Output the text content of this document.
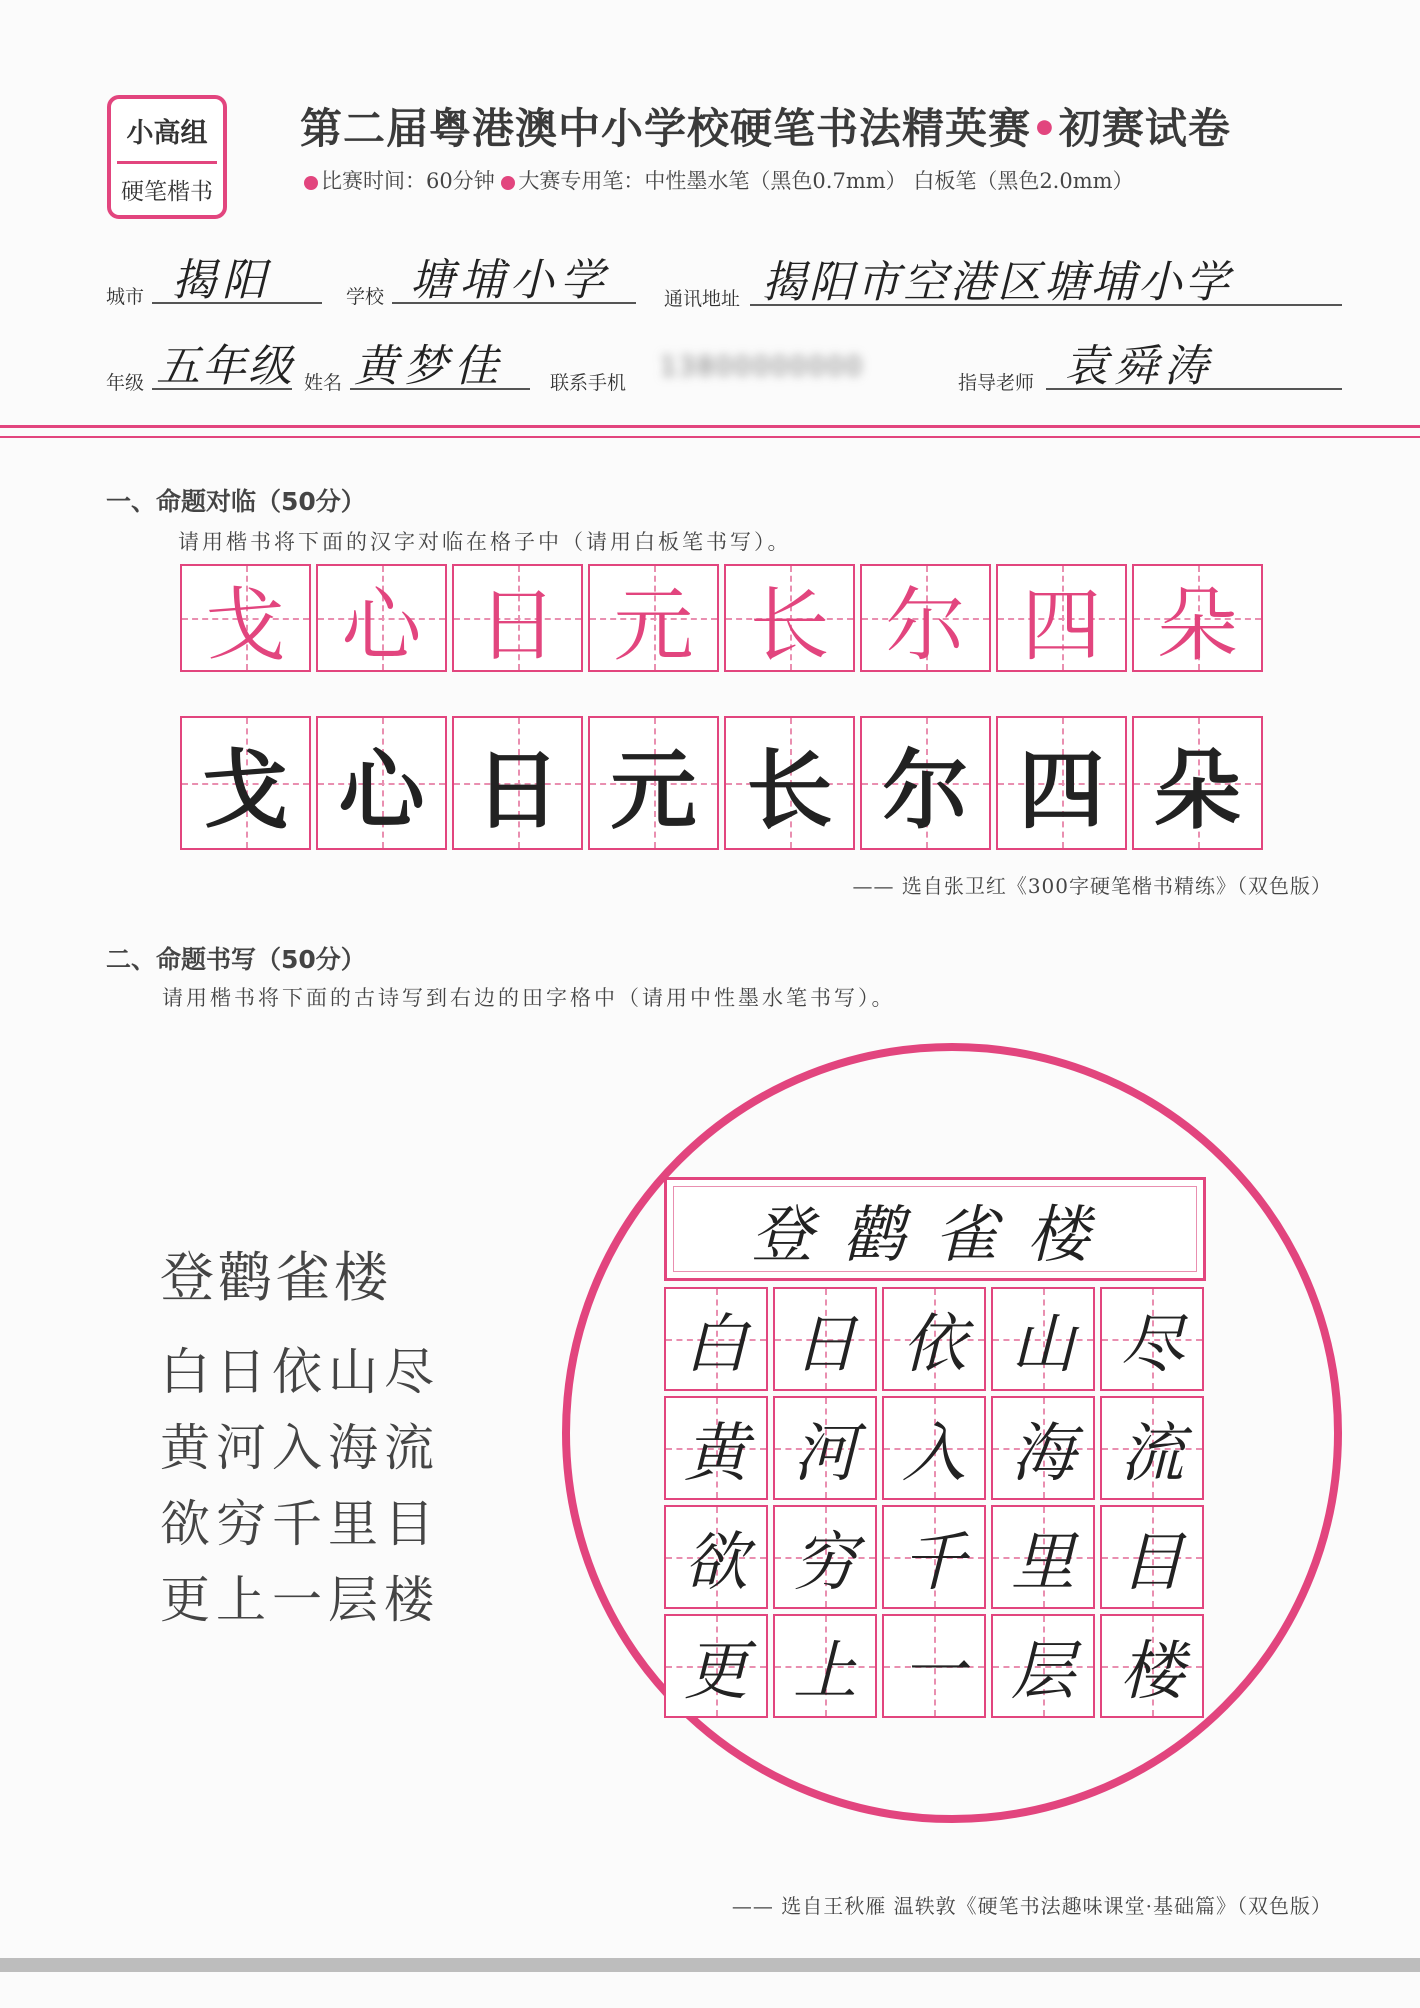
小高组
硬笔楷书
第二届粤港澳中小学校硬笔书法精英赛•初赛试卷
比赛时间：60分钟 大赛专用笔：中性墨水笔（黑色0.7mm） 白板笔（黑色2.0mm）
城市 揭阳	学校 塘埔小学	通讯地址 揭阳市空港区塘埔小学
年级 五年级 姓名 黄梦佳 联系手机
13800000000
指导老师 袁舜涛
一、命题对临（50分）
请用楷书将下面的汉字对临在格子中（请用白板笔书写）。
戈 心 日 元 长 尔 四 朵
戈 心 日 元 长 尔 四 朵
—— 选自张卫红《300字硬笔楷书精练》（双色版）
二、命题书写（50分）
请用楷书将下面的古诗写到右边的田字格中（请用中性墨水笔书写）。
登鹳雀楼
白日依山尽
黄河入海流
欲穷千里目
更上一层楼
登鹳雀楼
白 日 依 山 尽
黄 河 入 海 流
欲 穷 千 里 目
更 上 一 层 楼
—— 选自王秋雁 温轶敦《硬笔书法趣味课堂·基础篇》（双色版）
